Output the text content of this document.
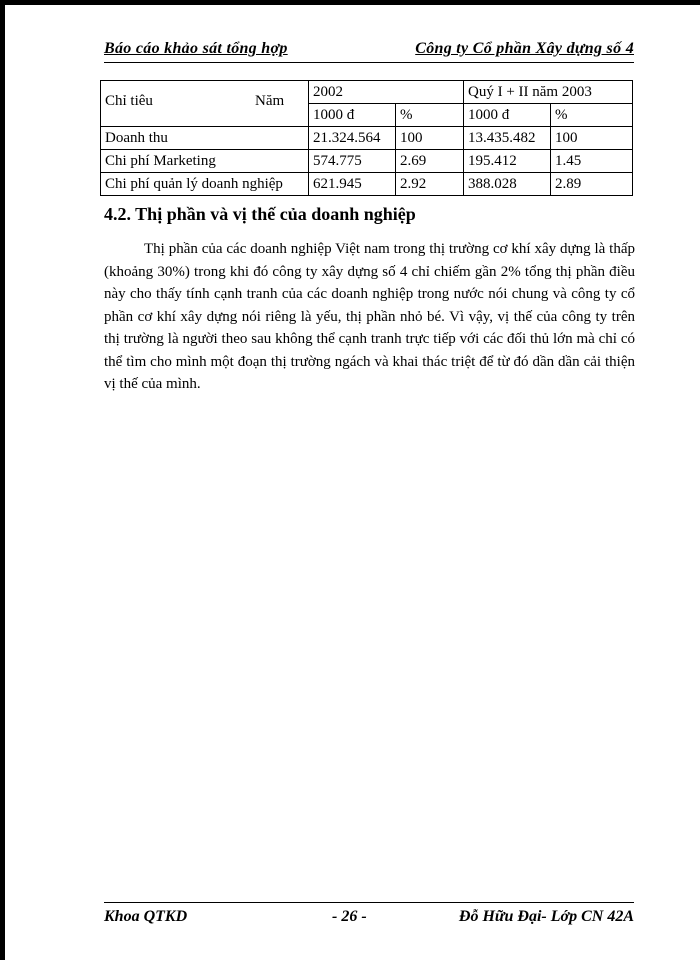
Báo cáo khảo sát tổng hợp	Công ty Cổ phần Xây dựng số 4
Chỉ tiêu Năm	2002		Quý I + II năm 2003	
	1000 đ	%	1000 đ	%
Doanh thu	21.324.564	100	13.435.482	100
Chi phí Marketing	574.775	2.69	195.412	1.45
Chi phí quản lý doanh nghiệp	621.945	2.92	388.028	2.89
4.2. Thị phần và vị thế của doanh nghiệp

Thị phần của các doanh nghiệp Việt nam trong thị trường cơ khí xây dựng là thấp (khoảng 30%) trong khi đó công ty xây dựng số 4 chỉ chiếm gần 2% tổng thị phần điều này cho thấy tính cạnh tranh của các doanh nghiệp trong nước nói chung và công ty cổ phần cơ khí xây dựng nói riêng là yếu, thị phần nhỏ bé. Vì vậy, vị thế của công ty trên thị trường là người theo sau không thể cạnh tranh trực tiếp với các đối thủ lớn mà chỉ có thể tìm cho mình một đoạn thị trường ngách và khai thác triệt để từ đó dần dần cải thiện vị thế của mình.

Khoa QTKD	- 26 -	Đỗ Hữu Đại- Lớp CN 42A
